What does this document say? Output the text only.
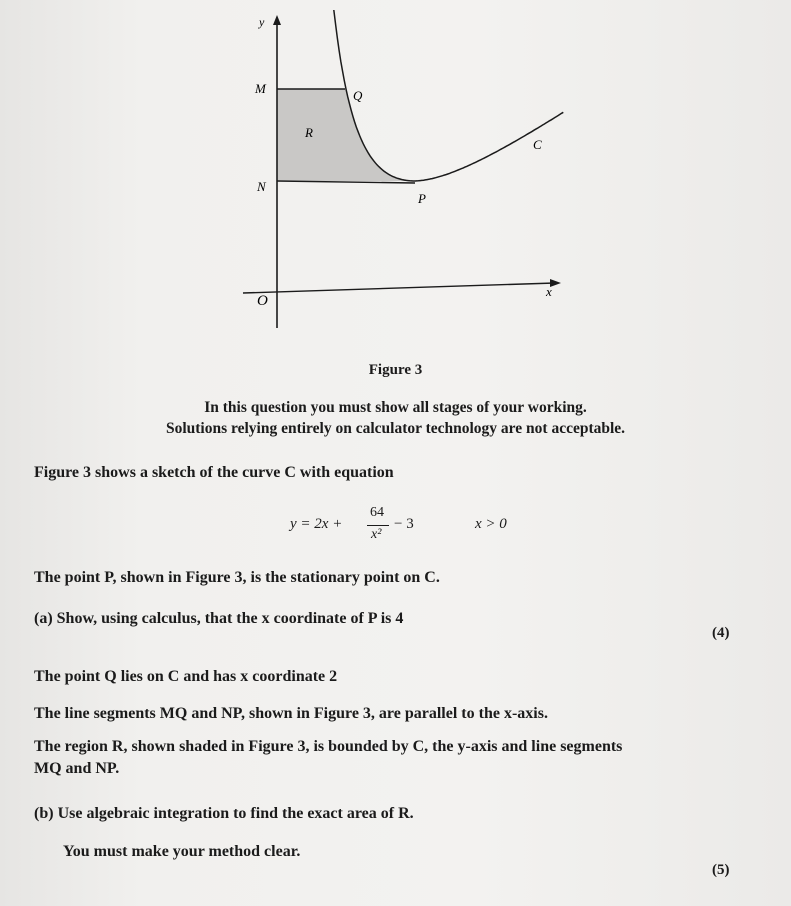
y
x
O
M
N
Q
P
R
C
Figure 3
In this question you must show all stages of your working.
Solutions relying entirely on calculator technology are not acceptable.
Figure 3 shows a sketch of the curve C with equation
y = 2x +
64
x²
− 3	x > 0
The point P, shown in Figure 3, is the stationary point on C.
(a) Show, using calculus, that the x coordinate of P is 4
(4)
The point Q lies on C and has x coordinate 2
The line segments MQ and NP, shown in Figure 3, are parallel to the x-axis.
The region R, shown shaded in Figure 3, is bounded by C, the y-axis and line segments
MQ and NP.
(b) Use algebraic integration to find the exact area of R.
You must make your method clear.
(5)
